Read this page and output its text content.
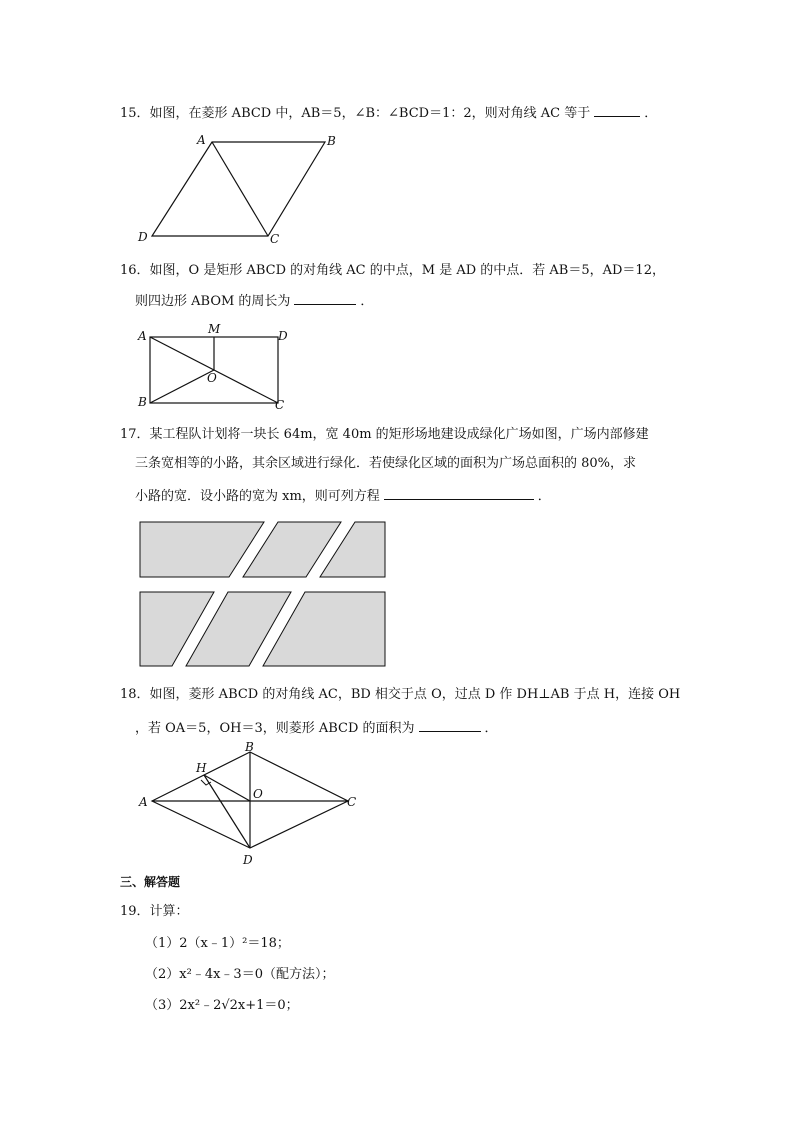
15．如图，在菱形 ABCD 中，AB＝5，∠B：∠BCD＝1：2，则对角线 AC 等于	．
A	B
C
D
16．如图，O 是矩形 ABCD 的对角线 AC 的中点，M 是 AD 的中点．若 AB＝5，AD＝12，
则四边形 ABOM 的周长为	．
A
B	C
D
M
O
17．某工程队计划将一块长 64m，宽 40m 的矩形场地建设成绿化广场如图，广场内部修建
三条宽相等的小路，其余区域进行绿化．若使绿化区域的面积为广场总面积的 80%，求
小路的宽．设小路的宽为 xm，则可列方程	．
18．如图，菱形 ABCD 的对角线 AC，BD 相交于点 O，过点 D 作 DH⊥AB 于点 H，连接 OH
，若 OA＝5，OH＝3，则菱形 ABCD 的面积为	．
A
B
C
D
H
O
三、解答题
19．计算：
（1）2（x﹣1）²＝18；
（2）x²﹣4x﹣3＝0（配方法）；
（3）2x²﹣2√2x+1＝0；
